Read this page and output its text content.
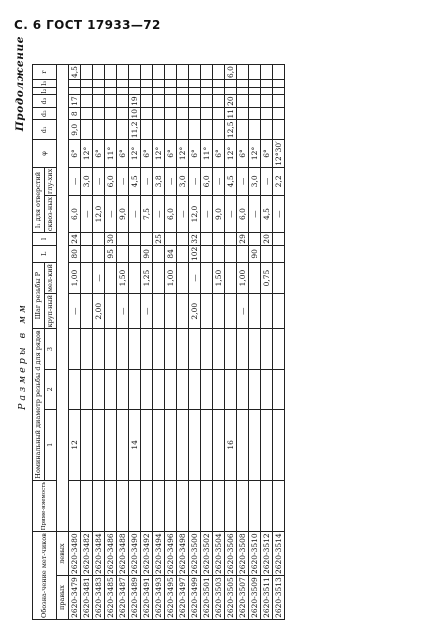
С. 6 ГОСТ 17933—72
Продолжение
Размеры в мм
Обозна-чение мет-чиков		Приме-няемость	Номинальный диаметр резьбы d для рядов			Шаг резьбы P		L	l	l₁ для отверстий		φ	d₁	d₂	d₃	l₂	l₃	r
			1	2	3	круп-ный	мел-кий			сквоз-ных	глу-хих							

правых	левых																	
2620-3479	2620-3480		12			—	1,00	80	24	6,0	—	6°	9,0	8	17			4,5
2620-3481	2620-3482									—	3,0	12°						
2620-3483	2620-3484					2,00	—			12,0	—	6°						
2620-3485	2620-3486							95	30	—	6,0	11°						
2620-3487	2620-3488					—	1,50			9,0	—	6°						
2620-3489	2620-3490		14							—	4,5	12°	11,2	10	19			
2620-3491	2620-3492					—	1,25	90		7,5	—	6°						
2620-3493	2620-3494								25	—	3,8	12°						
2620-3495	2620-3496						1,00	84		6,0	—	6°						
2620-3497	2620-3498									—	3,0	12°						
2620-3499	2620-3500					2,00	—	102	32	12,0	—	6°						
2620-3501	2620-3502									—	6,0	11°						
2620-3503	2620-3504						1,50			9,0	—	6°						
2620-3505	2620-3506		16							—	4,5	12°	12,5	11	20			6,0
2620-3507	2620-3508					—	1,00		29	6,0	—	6°						
2620-3509	2620-3510							90		—	3,0	12°						
2620-3511	2620-3512						0,75		20	4,5	—	6°						
2620-3513	2620-3514									—	2,2	12°30′						
